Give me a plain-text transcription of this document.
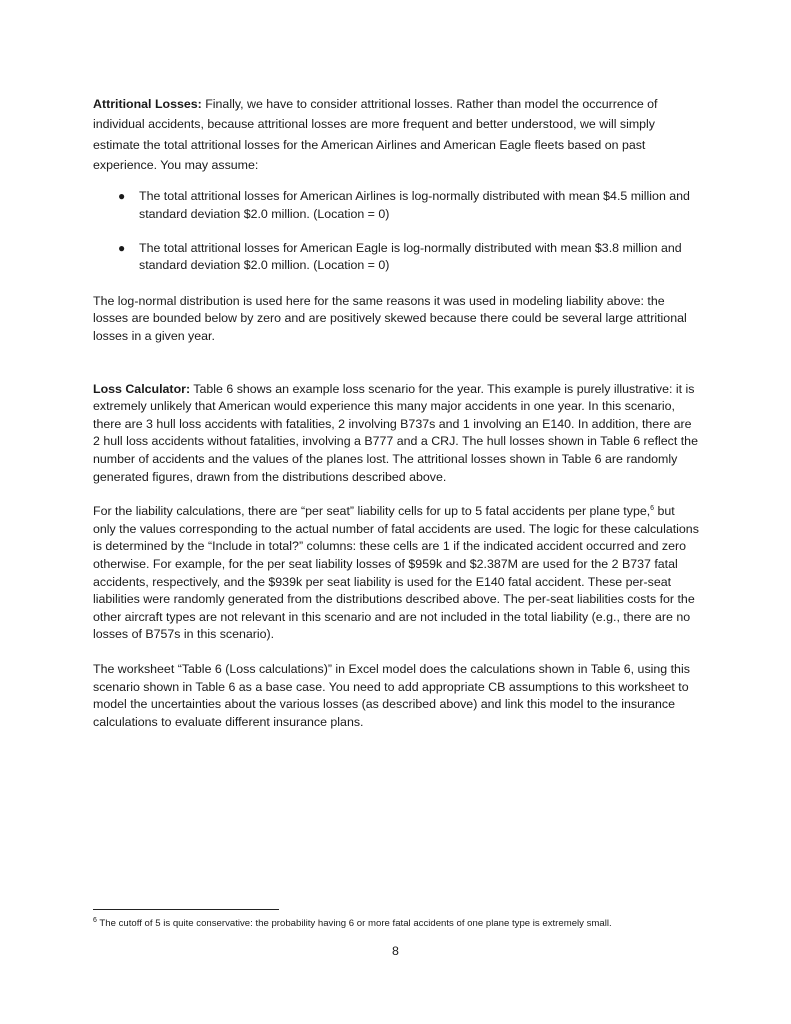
Attritional Losses: Finally, we have to consider attritional losses. Rather than model the occurrence of individual accidents, because attritional losses are more frequent and better understood, we will simply estimate the total attritional losses for the American Airlines and American Eagle fleets based on past experience. You may assume:

● The total attritional losses for American Airlines is log-normally distributed with mean $4.5 million and standard deviation $2.0 million. (Location = 0)
● The total attritional losses for American Eagle is log-normally distributed with mean $3.8 million and standard deviation $2.0 million. (Location = 0)

The log-normal distribution is used here for the same reasons it was used in modeling liability above: the losses are bounded below by zero and are positively skewed because there could be several large attritional losses in a given year.

Loss Calculator: Table 6 shows an example loss scenario for the year. This example is purely illustrative: it is extremely unlikely that American would experience this many major accidents in one year. In this scenario, there are 3 hull loss accidents with fatalities, 2 involving B737s and 1 involving an E140. In addition, there are 2 hull loss accidents without fatalities, involving a B777 and a CRJ. The hull losses shown in Table 6 reflect the number of accidents and the values of the planes lost. The attritional losses shown in Table 6 are randomly generated figures, drawn from the distributions described above.

For the liability calculations, there are “per seat” liability cells for up to 5 fatal accidents per plane type,$^6$ but only the values corresponding to the actual number of fatal accidents are used. The logic for these calculations is determined by the “Include in total?” columns: these cells are 1 if the indicated accident occurred and zero otherwise. For example, for the per seat liability losses of $959k and $2.387M are used for the 2 B737 fatal accidents, respectively, and the $939k per seat liability is used for the E140 fatal accident. These per-seat liabilities were randomly generated from the distributions described above. The per-seat liabilities costs for the other aircraft types are not relevant in this scenario and are not included in the total liability (e.g., there are no losses of B757s in this scenario).

The worksheet “Table 6 (Loss calculations)” in Excel model does the calculations shown in Table 6, using this scenario shown in Table 6 as a base case. You need to add appropriate CB assumptions to this worksheet to model the uncertainties about the various losses (as described above) and link this model to the insurance calculations to evaluate different insurance plans.

$^6$ The cutoff of 5 is quite conservative: the probability having 6 or more fatal accidents of one plane type is extremely small.
8
